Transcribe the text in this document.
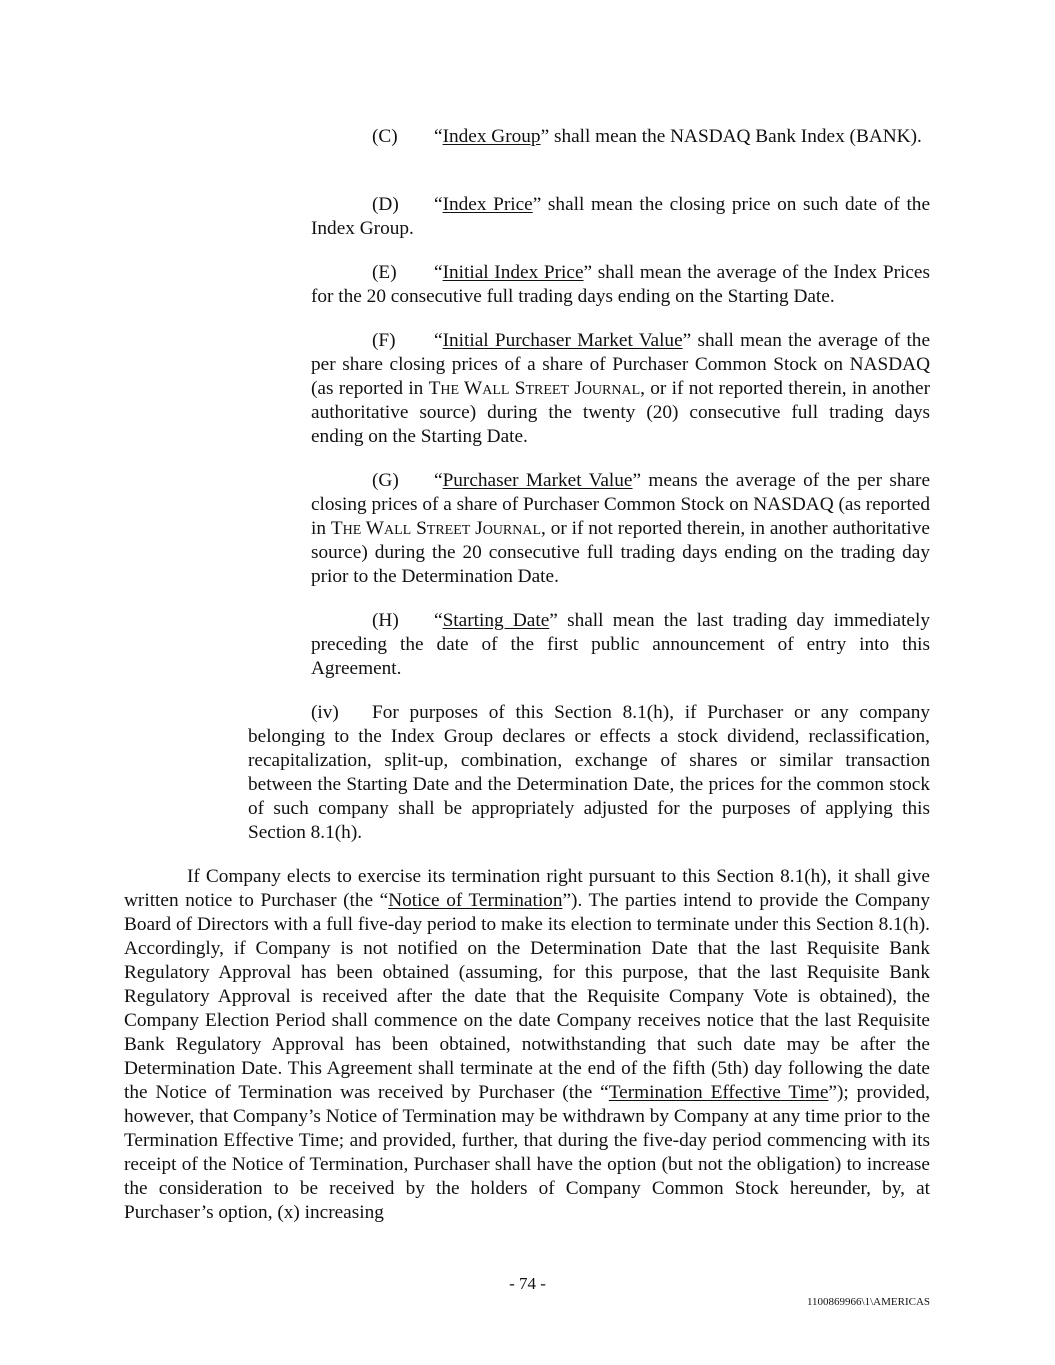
(C) “Index Group” shall mean the NASDAQ Bank Index (BANK).

(D) “Index Price” shall mean the closing price on such date of the Index Group.

(E) “Initial Index Price” shall mean the average of the Index Prices for the 20 consecutive full trading days ending on the Starting Date.

(F) “Initial Purchaser Market Value” shall mean the average of the per share closing prices of a share of Purchaser Common Stock on NASDAQ (as reported in The Wall Street Journal, or if not reported therein, in another authoritative source) during the twenty (20) consecutive full trading days ending on the Starting Date.

(G) “Purchaser Market Value” means the average of the per share closing prices of a share of Purchaser Common Stock on NASDAQ (as reported in The Wall Street Journal, or if not reported therein, in another authoritative source) during the 20 consecutive full trading days ending on the trading day prior to the Determination Date.

(H) “Starting Date” shall mean the last trading day immediately preceding the date of the first public announcement of entry into this Agreement.

(iv) For purposes of this Section 8.1(h), if Purchaser or any company belonging to the Index Group declares or effects a stock dividend, reclassification, recapitalization, split-up, combination, exchange of shares or similar transaction between the Starting Date and the Determination Date, the prices for the common stock of such company shall be appropriately adjusted for the purposes of applying this Section 8.1(h).

If Company elects to exercise its termination right pursuant to this Section 8.1(h), it shall give written notice to Purchaser (the “Notice of Termination”). The parties intend to provide the Company Board of Directors with a full five-day period to make its election to terminate under this Section 8.1(h). Accordingly, if Company is not notified on the Determination Date that the last Requisite Bank Regulatory Approval has been obtained (assuming, for this purpose, that the last Requisite Bank Regulatory Approval is received after the date that the Requisite Company Vote is obtained), the Company Election Period shall commence on the date Company receives notice that the last Requisite Bank Regulatory Approval has been obtained, notwithstanding that such date may be after the Determination Date. This Agreement shall terminate at the end of the fifth (5th) day following the date the Notice of Termination was received by Purchaser (the “Termination Effective Time”); provided, however, that Company’s Notice of Termination may be withdrawn by Company at any time prior to the Termination Effective Time; and provided, further, that during the five-day period commencing with its receipt of the Notice of Termination, Purchaser shall have the option (but not the obligation) to increase the consideration to be received by the holders of Company Common Stock hereunder, by, at Purchaser’s option, (x) increasing

- 74 -
1100869966\1\AMERICAS
